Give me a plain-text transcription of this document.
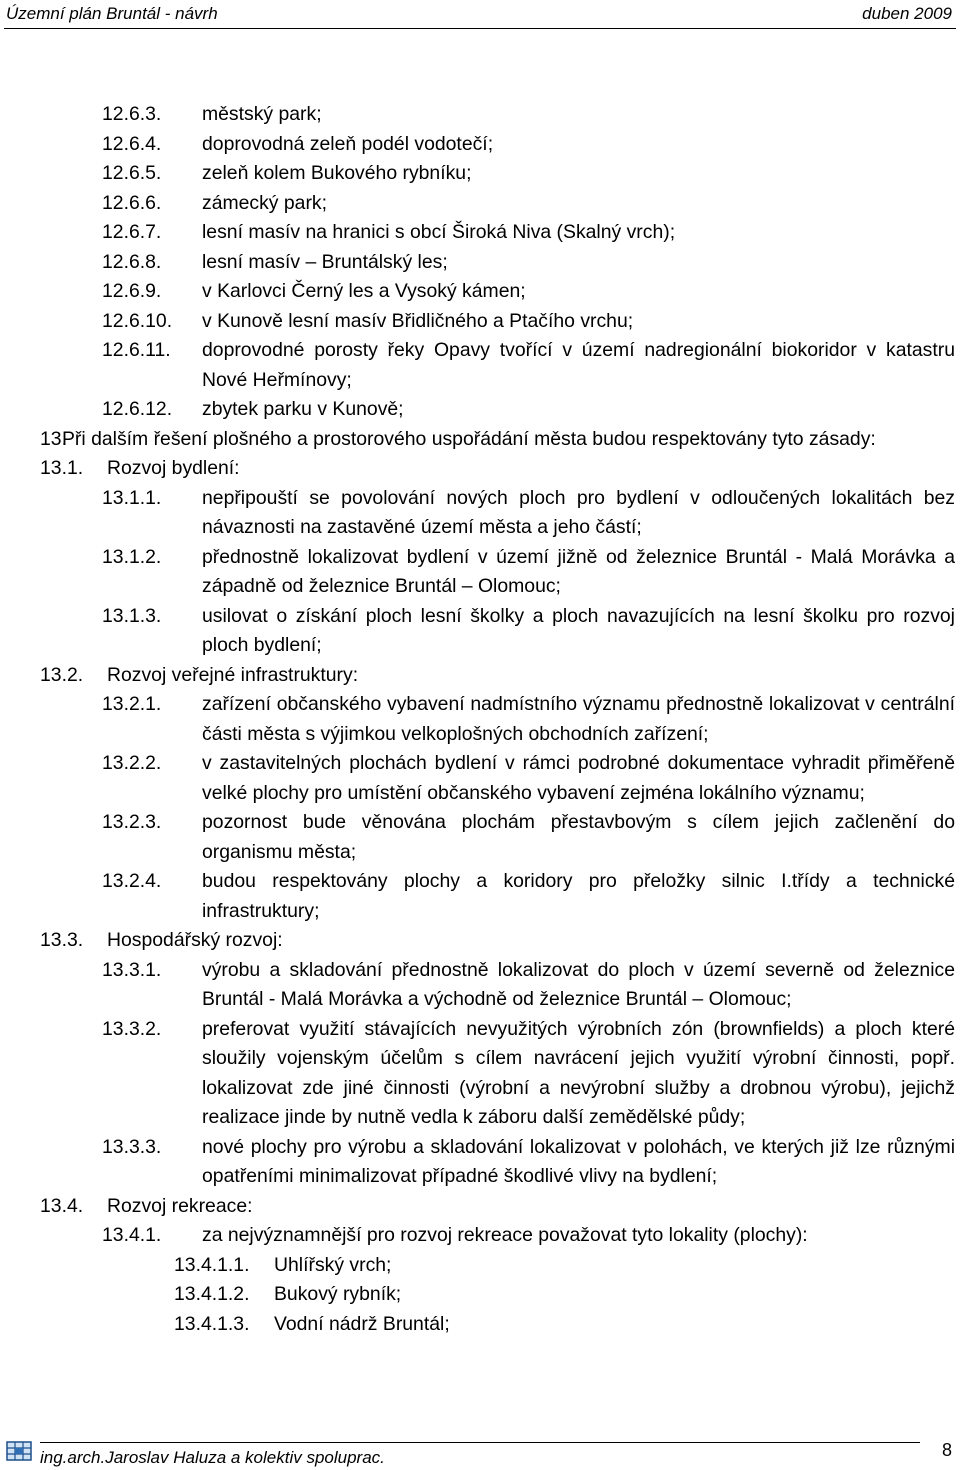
Územní plán Bruntál - návrh	duben 2009
12.6.3.	městský park;
12.6.4.	doprovodná zeleň podél vodotečí;
12.6.5.	zeleň kolem Bukového rybníku;
12.6.6.	zámecký park;
12.6.7.	lesní masív na hranici s obcí Široká Niva (Skalný vrch);
12.6.8.	lesní masív – Bruntálský les;
12.6.9.	v Karlovci Černý les a Vysoký kámen;
12.6.10.	v Kunově lesní masív Břidličného a Ptačího vrchu;
12.6.11.	doprovodné porosty řeky Opavy tvořící v území nadregionální biokoridor v katastru Nové Heřmínovy;
12.6.12.	zbytek parku v Kunově;
13.
Při dalším řešení plošného a prostorového uspořádání města budou respektovány tyto zásady:
13.1.	Rozvoj bydlení:
13.1.1.	nepřipouští se povolování nových ploch pro bydlení v odloučených lokalitách bez návaznosti na zastavěné území města a jeho částí;
13.1.2.	přednostně lokalizovat bydlení v území jižně od železnice Bruntál - Malá Morávka a západně od železnice Bruntál – Olomouc;
13.1.3.	usilovat o získání ploch lesní školky a ploch navazujících na lesní školku pro rozvoj ploch bydlení;
13.2.	Rozvoj veřejné infrastruktury:
13.2.1.	zařízení občanského vybavení nadmístního významu přednostně lokalizovat v centrální části města s výjimkou velkoplošných obchodních zařízení;
13.2.2.	v zastavitelných plochách bydlení v rámci podrobné dokumentace vyhradit přiměřeně velké plochy pro umístění občanského vybavení zejména lokálního významu;
13.2.3.	pozornost bude věnována plochám přestavbovým s cílem jejich začlenění do organismu města;
13.2.4.	budou respektovány plochy a koridory pro přeložky silnic I.třídy a technické infrastruktury;
13.3.	Hospodářský rozvoj:
13.3.1.	výrobu a skladování přednostně lokalizovat do ploch v území severně od železnice Bruntál - Malá Morávka a východně od železnice Bruntál – Olomouc;
13.3.2.	preferovat využití stávajících nevyužitých výrobních zón (brownfields) a ploch které sloužily vojenským účelům s cílem navrácení jejich využití výrobní činnosti, popř. lokalizovat zde jiné činnosti (výrobní a nevýrobní služby a drobnou výrobu), jejichž realizace jinde by nutně vedla k záboru další zemědělské půdy;
13.3.3.	nové plochy pro výrobu a skladování lokalizovat v polohách, ve kterých již lze různými opatřeními minimalizovat případné škodlivé vlivy na bydlení;
13.4.	Rozvoj rekreace:
13.4.1.	za nejvýznamnější pro rozvoj rekreace považovat tyto lokality (plochy):
13.4.1.1.	Uhlířský vrch;
13.4.1.2.	Bukový rybník;
13.4.1.3.	Vodní nádrž Bruntál;
ing.arch.Jaroslav Haluza a kolektiv spoluprac.	8
